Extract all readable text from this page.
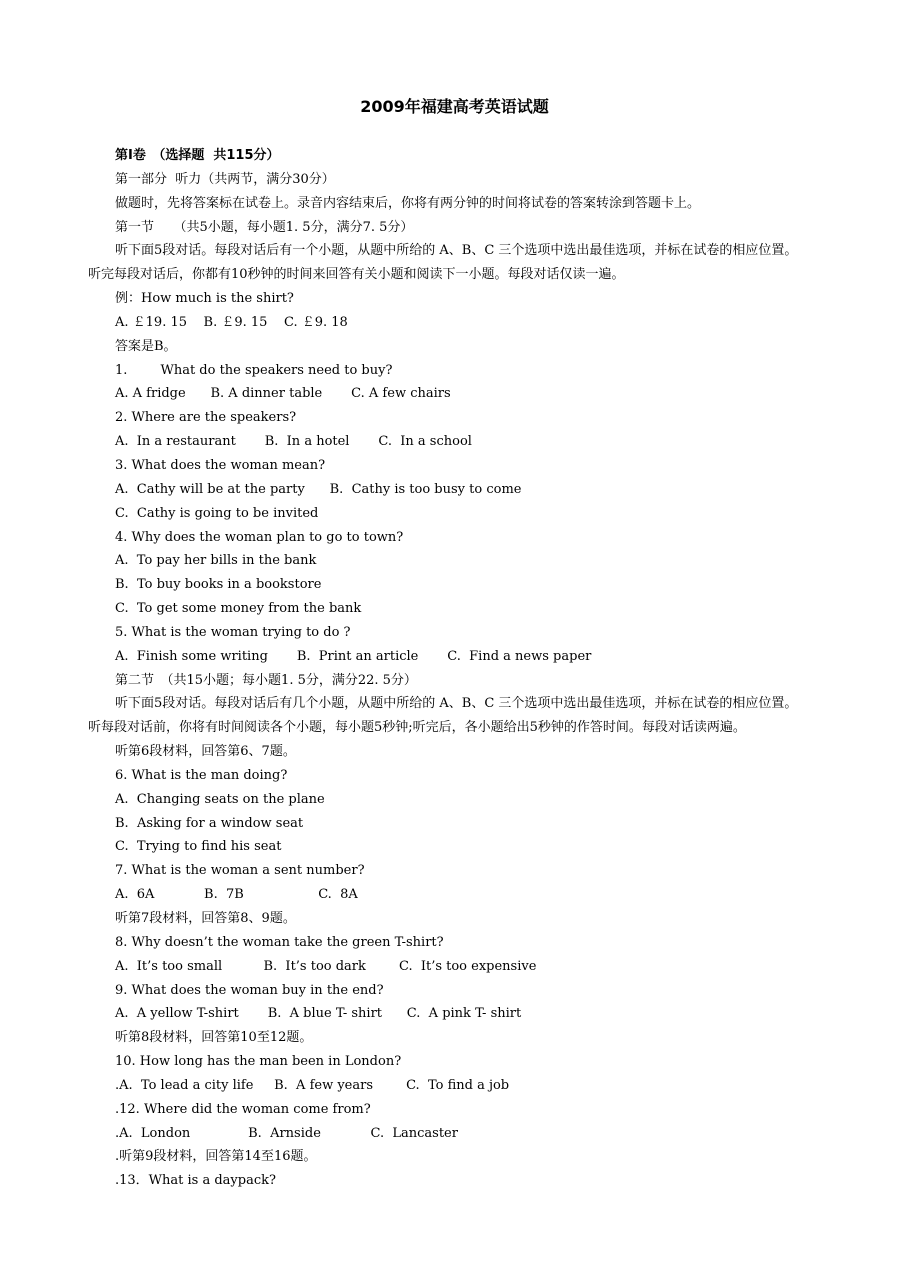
2009年福建高考英语试题
第Ⅰ卷　（选择题  共115分）
第一部分  听力（共两节，满分30分）
做题时，先将答案标在试卷上。录音内容结束后，你将有两分钟的时间将试卷的答案转涂到答题卡上。
第一节　　（共5小题，每小题1. 5分，满分7. 5分）
听下面5段对话。每段对话后有一个小题，从题中所给的 A、B、C 三个选项中选出最佳选项，并标在试卷的相应位置。
听完每段对话后，你都有10秒钟的时间来回答有关小题和阅读下一小题。每段对话仅读一遍。
例：How much is the shirt?
A. ￡19. 15    B. ￡9. 15    C. ￡9. 18
答案是B。
1.        What do the speakers need to buy?
A. A fridge      B. A dinner table       C. A few chairs
2. Where are the speakers?
A.  In a restaurant       B.  In a hotel       C.  In a school
3. What does the woman mean?
A.  Cathy will be at the party      B.  Cathy is too busy to come
C.  Cathy is going to be invited
4. Why does the woman plan to go to town?
A.  To pay her bills in the bank
B.  To buy books in a bookstore
C.  To get some money from the bank
5. What is the woman trying to do ?
A.  Finish some writing       B.  Print an article       C.  Find a news paper
第二节　（共15小题；每小题1. 5分，满分22. 5分）
听下面5段对话。每段对话后有几个小题，从题中所给的 A、B、C 三个选项中选出最佳选项，并标在试卷的相应位置。
听每段对话前，你将有时间阅读各个小题，每小题5秒钟;听完后，各小题给出5秒钟的作答时间。每段对话读两遍。
听第6段材料，回答第6、7题。
6. What is the man doing?
A.  Changing seats on the plane
B.  Asking for a window seat
C.  Trying to find his seat
7. What is the woman a sent number?
A.  6A            B.  7B                  C.  8A
听第7段材料，回答第8、9题。
8. Why doesn’t the woman take the green T-shirt?
A.  It’s too small          B.  It’s too dark        C.  It’s too expensive
9. What does the woman buy in the end?
A.  A yellow T-shirt       B.  A blue T- shirt      C.  A pink T- shirt
听第8段材料，回答第10至12题。
10. How long has the man been in London?
.A.  To lead a city life     B.  A few years        C.  To find a job
.12. Where did the woman come from?
.A.  London              B.  Arnside            C.  Lancaster
.听第9段材料，回答第14至16题。
.13．What is a daypack?
